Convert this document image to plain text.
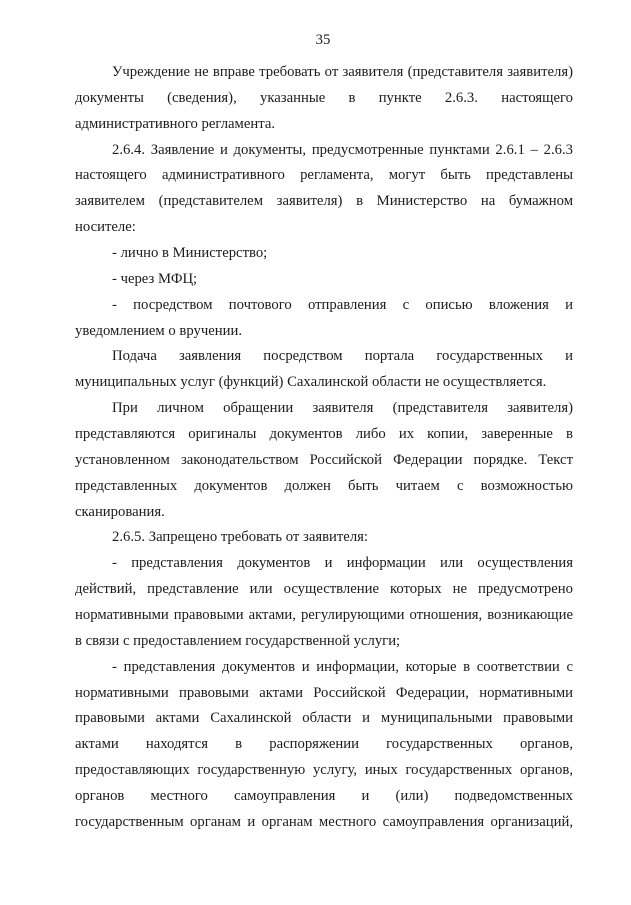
35
Учреждение не вправе требовать от заявителя (представителя заявителя)
документы (сведения), указанные в пункте 2.6.3. настоящего
административного регламента.
2.6.4. Заявление и документы, предусмотренные пунктами 2.6.1 – 2.6.3
настоящего административного регламента, могут быть представлены
заявителем (представителем заявителя) в Министерство на бумажном
носителе:
- лично в Министерство;
- через МФЦ;
- посредством почтового отправления с описью вложения и
уведомлением о вручении.
Подача заявления посредством портала государственных и
муниципальных услуг (функций) Сахалинской области не осуществляется.
При личном обращении заявителя (представителя заявителя)
представляются оригиналы документов либо их копии, заверенные в
установленном законодательством Российской Федерации порядке. Текст
представленных документов должен быть читаем с возможностью
сканирования.
2.6.5. Запрещено требовать от заявителя:
- представления документов и информации или осуществления
действий, представление или осуществление которых не предусмотрено
нормативными правовыми актами, регулирующими отношения, возникающие
в связи с предоставлением государственной услуги;
- представления документов и информации, которые в соответствии с
нормативными правовыми актами Российской Федерации, нормативными
правовыми актами Сахалинской области и муниципальными правовыми
актами находятся в распоряжении государственных органов,
предоставляющих государственную услугу, иных государственных органов,
органов местного самоуправления и (или) подведомственных
государственным органам и органам местного самоуправления организаций,
